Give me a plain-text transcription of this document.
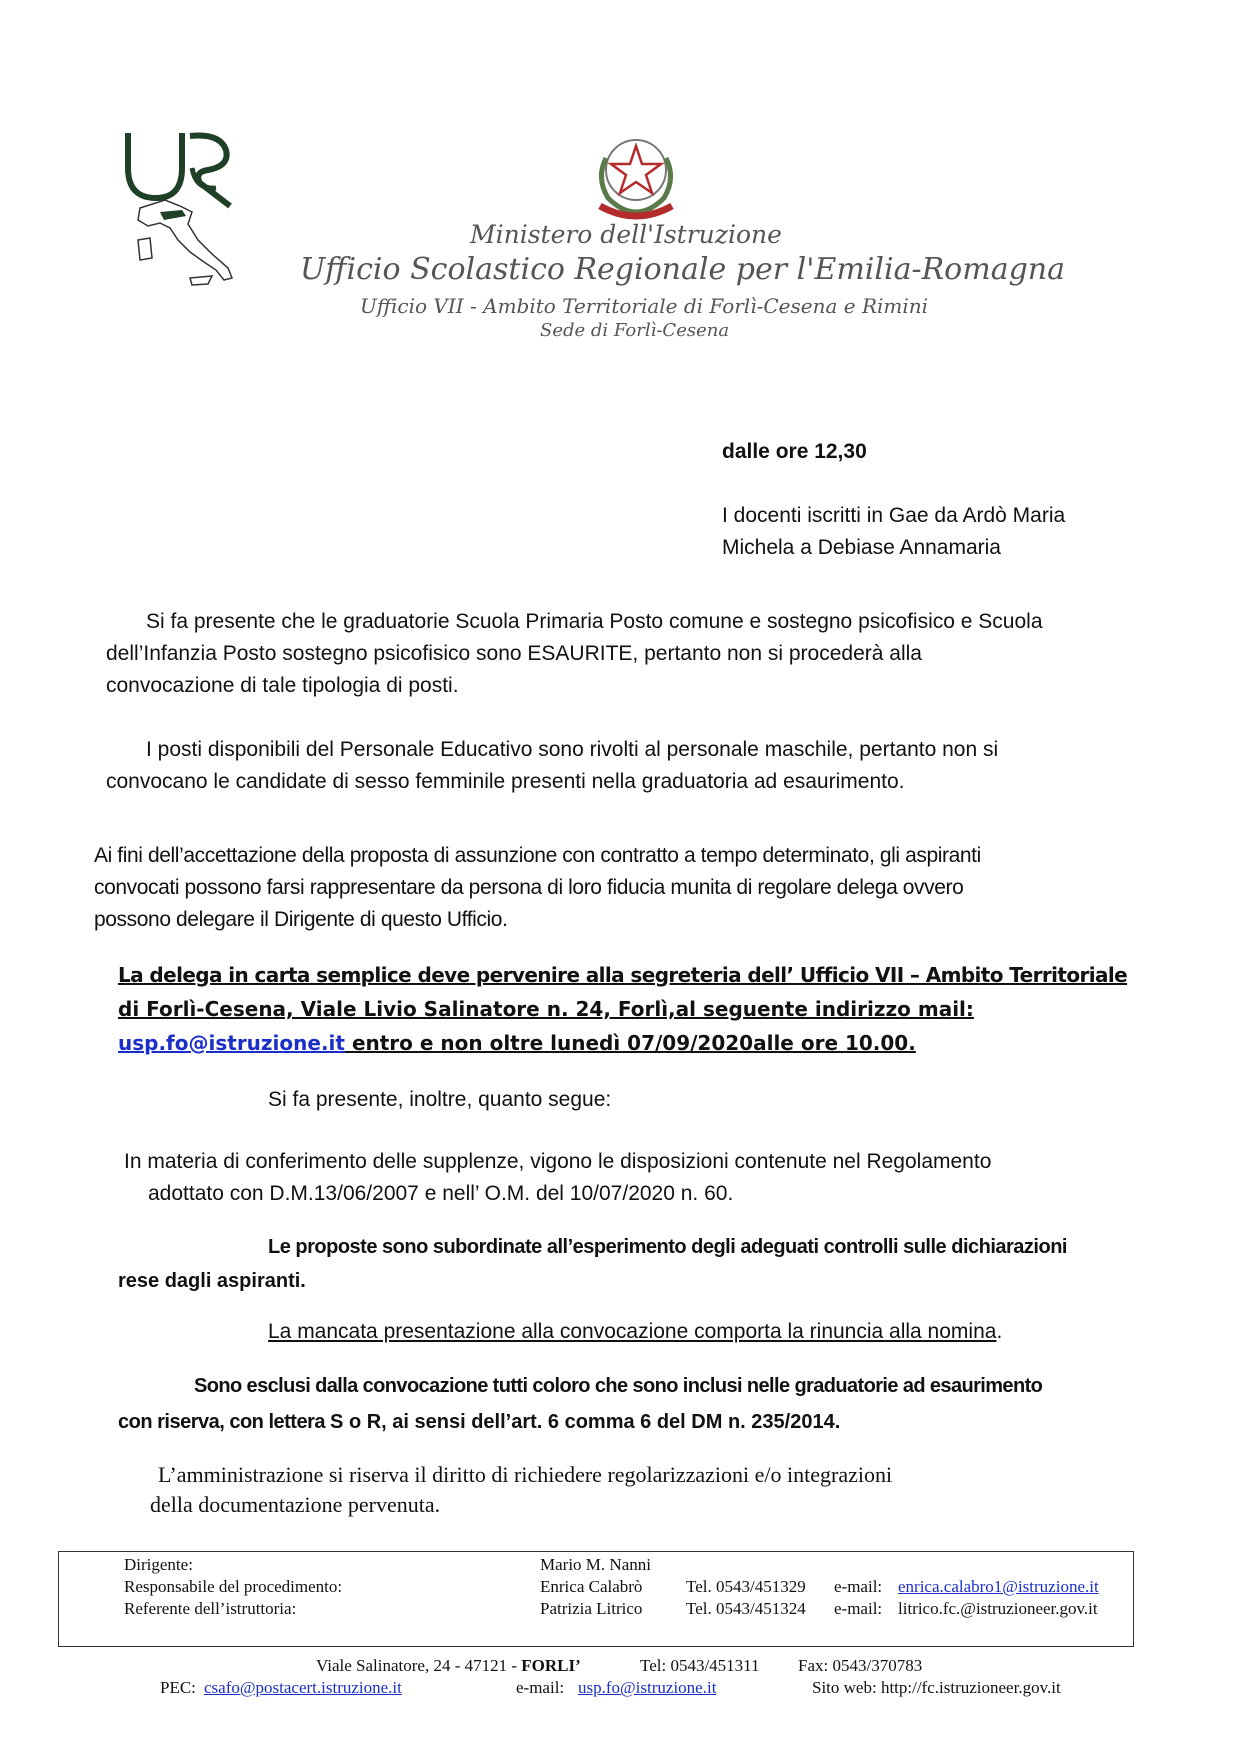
Ministero dell'Istruzione
Ufficio Scolastico Regionale per l'Emilia-Romagna
Ufficio VII - Ambito Territoriale di Forlì-Cesena e Rimini
Sede di Forlì-Cesena
dalle ore 12,30
I docenti iscritti in Gae da Ardò Maria
Michela a Debiase Annamaria
Si fa presente che le graduatorie Scuola Primaria Posto comune e sostegno psicofisico e Scuola
dell’Infanzia Posto sostegno psicofisico sono ESAURITE, pertanto non si procederà alla
convocazione di tale tipologia di posti.
I posti disponibili del Personale Educativo sono rivolti al personale maschile, pertanto non si
convocano le candidate di sesso femminile presenti nella graduatoria ad esaurimento.
Ai fini dell’accettazione della proposta di assunzione con contratto a tempo determinato, gli aspiranti
convocati possono farsi rappresentare da persona di loro fiducia munita di regolare delega ovvero
possono delegare il Dirigente di questo Ufficio.
La delega in carta semplice deve pervenire alla segreteria dell’ Ufficio VII – Ambito Territoriale
di Forlì-Cesena, Viale Livio Salinatore n. 24, Forlì,al seguente indirizzo mail:
usp.fo@istruzione.it entro e non oltre lunedì 07/09/2020alle ore 10.00.
Si fa presente, inoltre, quanto segue:
In materia di conferimento delle supplenze, vigono le disposizioni contenute nel Regolamento
adottato con D.M.13/06/2007 e nell’ O.M. del 10/07/2020 n. 60.
Le proposte sono subordinate all’esperimento degli adeguati controlli sulle dichiarazioni
rese dagli aspiranti.
La mancata presentazione alla convocazione comporta la rinuncia alla nomina.
Sono esclusi dalla convocazione tutti coloro che sono inclusi nelle graduatorie ad esaurimento
con riserva, con lettera S o R, ai sensi dell’art. 6 comma 6 del DM n. 235/2014.
L’amministrazione si riserva il diritto di richiedere regolarizzazioni e/o integrazioni
della documentazione pervenuta.
Dirigente:	Mario M. Nanni
Responsabile del procedimento:	Enrica Calabrò	Tel. 0543/451329 e-mail: enrica.calabro1@istruzione.it
Referente dell’istruttoria:	Patrizia Litrico	Tel. 0543/451324 e-mail: litrico.fc.@istruzioneer.gov.it
Viale Salinatore, 24 - 47121 - FORLI’	Tel: 0543/451311 Fax: 0543/370783
PEC: csafo@postacert.istruzione.it	e-mail: usp.fo@istruzione.it	Sito web: http://fc.istruzioneer.gov.it
